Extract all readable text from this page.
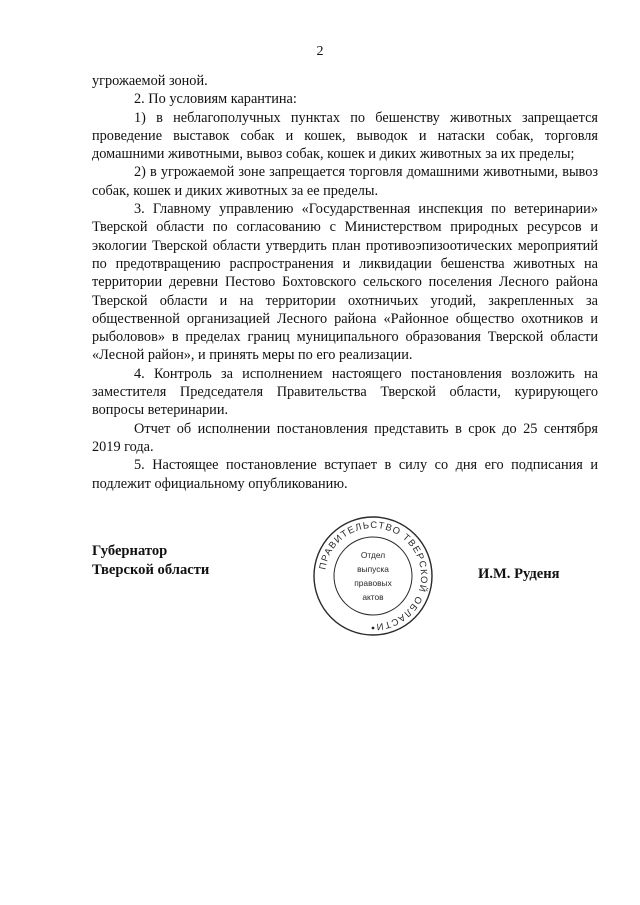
2

угрожаемой зоной.

2. По условиям карантина:

1) в неблагополучных пунктах по бешенству животных запрещается проведение выставок собак и кошек, выводок и натаски собак, торговля домашними животными, вывоз собак, кошек и диких животных за их пределы;

2) в угрожаемой зоне запрещается торговля домашними животными, вывоз собак, кошек и диких животных за ее пределы.

3. Главному управлению «Государственная инспекция по ветеринарии» Тверской области по согласованию с Министерством природных ресурсов и экологии Тверской области утвердить план противоэпизоотических мероприятий по предотвращению распространения и ликвидации бешенства животных на территории деревни Пестово Бохтовского сельского поселения Лесного района Тверской области и на территории охотничьих угодий, закрепленных за общественной организацией Лесного района «Районное общество охотников и рыболовов» в пределах границ муниципального образования Тверской области «Лесной район», и принять меры по его реализации.

4. Контроль за исполнением настоящего постановления возложить на заместителя Председателя Правительства Тверской области, курирующего вопросы ветеринарии.

Отчет об исполнении постановления представить в срок до 25 сентября 2019 года.

5. Настоящее постановление вступает в силу со дня его подписания и подлежит официальному опубликованию.

Губернатор
Тверской области	И.М. Руденя
ПРАВИТЕЛЬСТВО ТВЕРСКОЙ ОБЛАСТИ
Отдел
выпуска
правовых
актов
